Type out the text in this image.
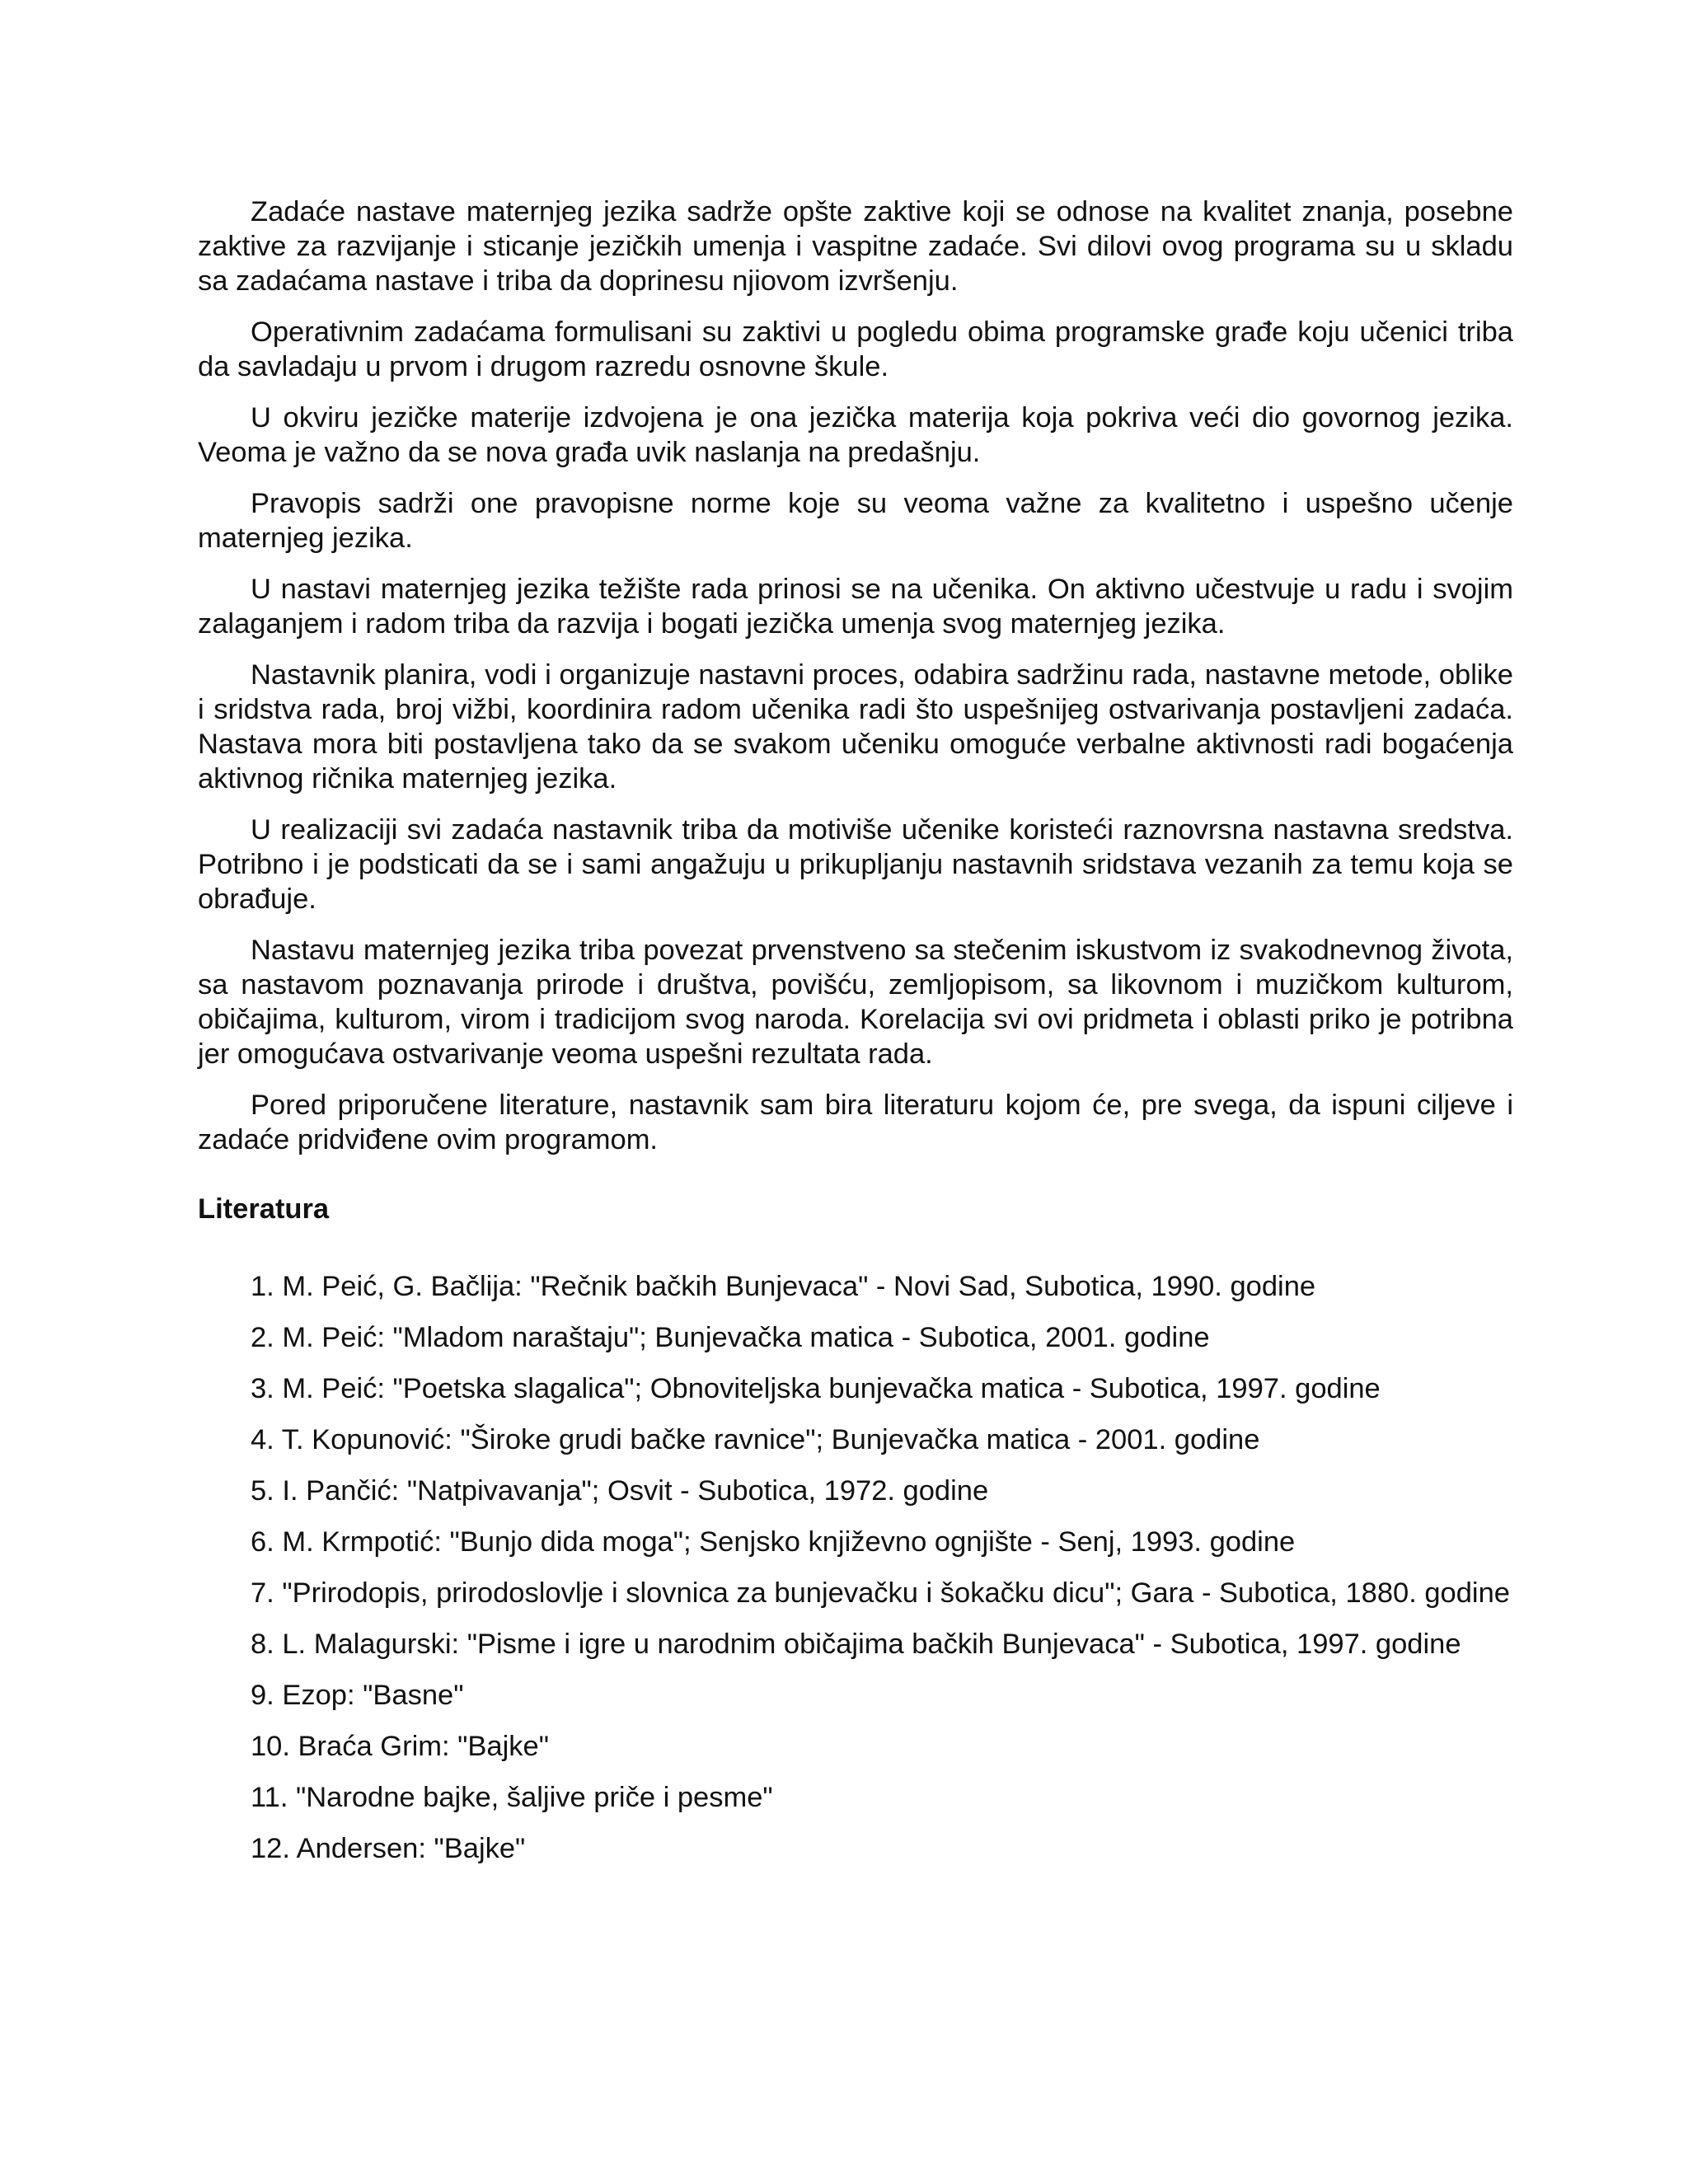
Zadaće nastave maternjeg jezika sadrže opšte zaktive koji se odnose na kvalitet znanja, posebne zaktive za razvijanje i sticanje jezičkih umenja i vaspitne zadaće. Svi dilovi ovog programa su u skladu sa zadaćama nastave i triba da doprinesu njiovom izvršenju.

Operativnim zadaćama formulisani su zaktivi u pogledu obima programske građe koju učenici triba da savladaju u prvom i drugom razredu osnovne škule.

U okviru jezičke materije izdvojena je ona jezička materija koja pokriva veći dio govornog jezika. Veoma je važno da se nova građa uvik naslanja na predašnju.

Pravopis sadrži one pravopisne norme koje su veoma važne za kvalitetno i uspešno učenje maternjeg jezika.

U nastavi maternjeg jezika težište rada prinosi se na učenika. On aktivno učestvuje u radu i svojim zalaganjem i radom triba da razvija i bogati jezička umenja svog maternjeg jezika.

Nastavnik planira, vodi i organizuje nastavni proces, odabira sadržinu rada, nastavne metode, oblike i sridstva rada, broj vižbi, koordinira radom učenika radi što uspešnijeg ostvarivanja postavljeni zadaća. Nastava mora biti postavljena tako da se svakom učeniku omoguće verbalne aktivnosti radi bogaćenja aktivnog ričnika maternjeg jezika.

U realizaciji svi zadaća nastavnik triba da motiviše učenike koristeći raznovrsna nastavna sredstva. Potribno i je podsticati da se i sami angažuju u prikupljanju nastavnih sridstava vezanih za temu koja se obrađuje.

Nastavu maternjeg jezika triba povezat prvenstveno sa stečenim iskustvom iz svakodnevnog života, sa nastavom poznavanja prirode i društva, povišću, zemljopisom, sa likovnom i muzičkom kulturom, običajima, kulturom, virom i tradicijom svog naroda. Korelacija svi ovi pridmeta i oblasti priko je potribna jer omogućava ostvarivanje veoma uspešni rezultata rada.

Pored priporučene literature, nastavnik sam bira literaturu kojom će, pre svega, da ispuni ciljeve i zadaće pridviđene ovim programom.

Literatura

1. M. Peić, G. Bačlija: "Rečnik bačkih Bunjevaca" - Novi Sad, Subotica, 1990. godine

2. M. Peić: "Mladom naraštaju"; Bunjevačka matica - Subotica, 2001. godine

3. M. Peić: "Poetska slagalica"; Obnoviteljska bunjevačka matica - Subotica, 1997. godine

4. T. Kopunović: "Široke grudi bačke ravnice"; Bunjevačka matica - 2001. godine

5. I. Pančić: "Natpivavanja"; Osvit - Subotica, 1972. godine

6. M. Krmpotić: "Bunjo dida moga"; Senjsko književno ognjište - Senj, 1993. godine

7. "Prirodopis, prirodoslovlje i slovnica za bunjevačku i šokačku dicu"; Gara - Subotica, 1880. godine

8. L. Malagurski: "Pisme i igre u narodnim običajima bačkih Bunjevaca" - Subotica, 1997. godine

9. Ezop: "Basne"

10. Braća Grim: "Bajke"

11. "Narodne bajke, šaljive priče i pesme"

12. Andersen: "Bajke"
